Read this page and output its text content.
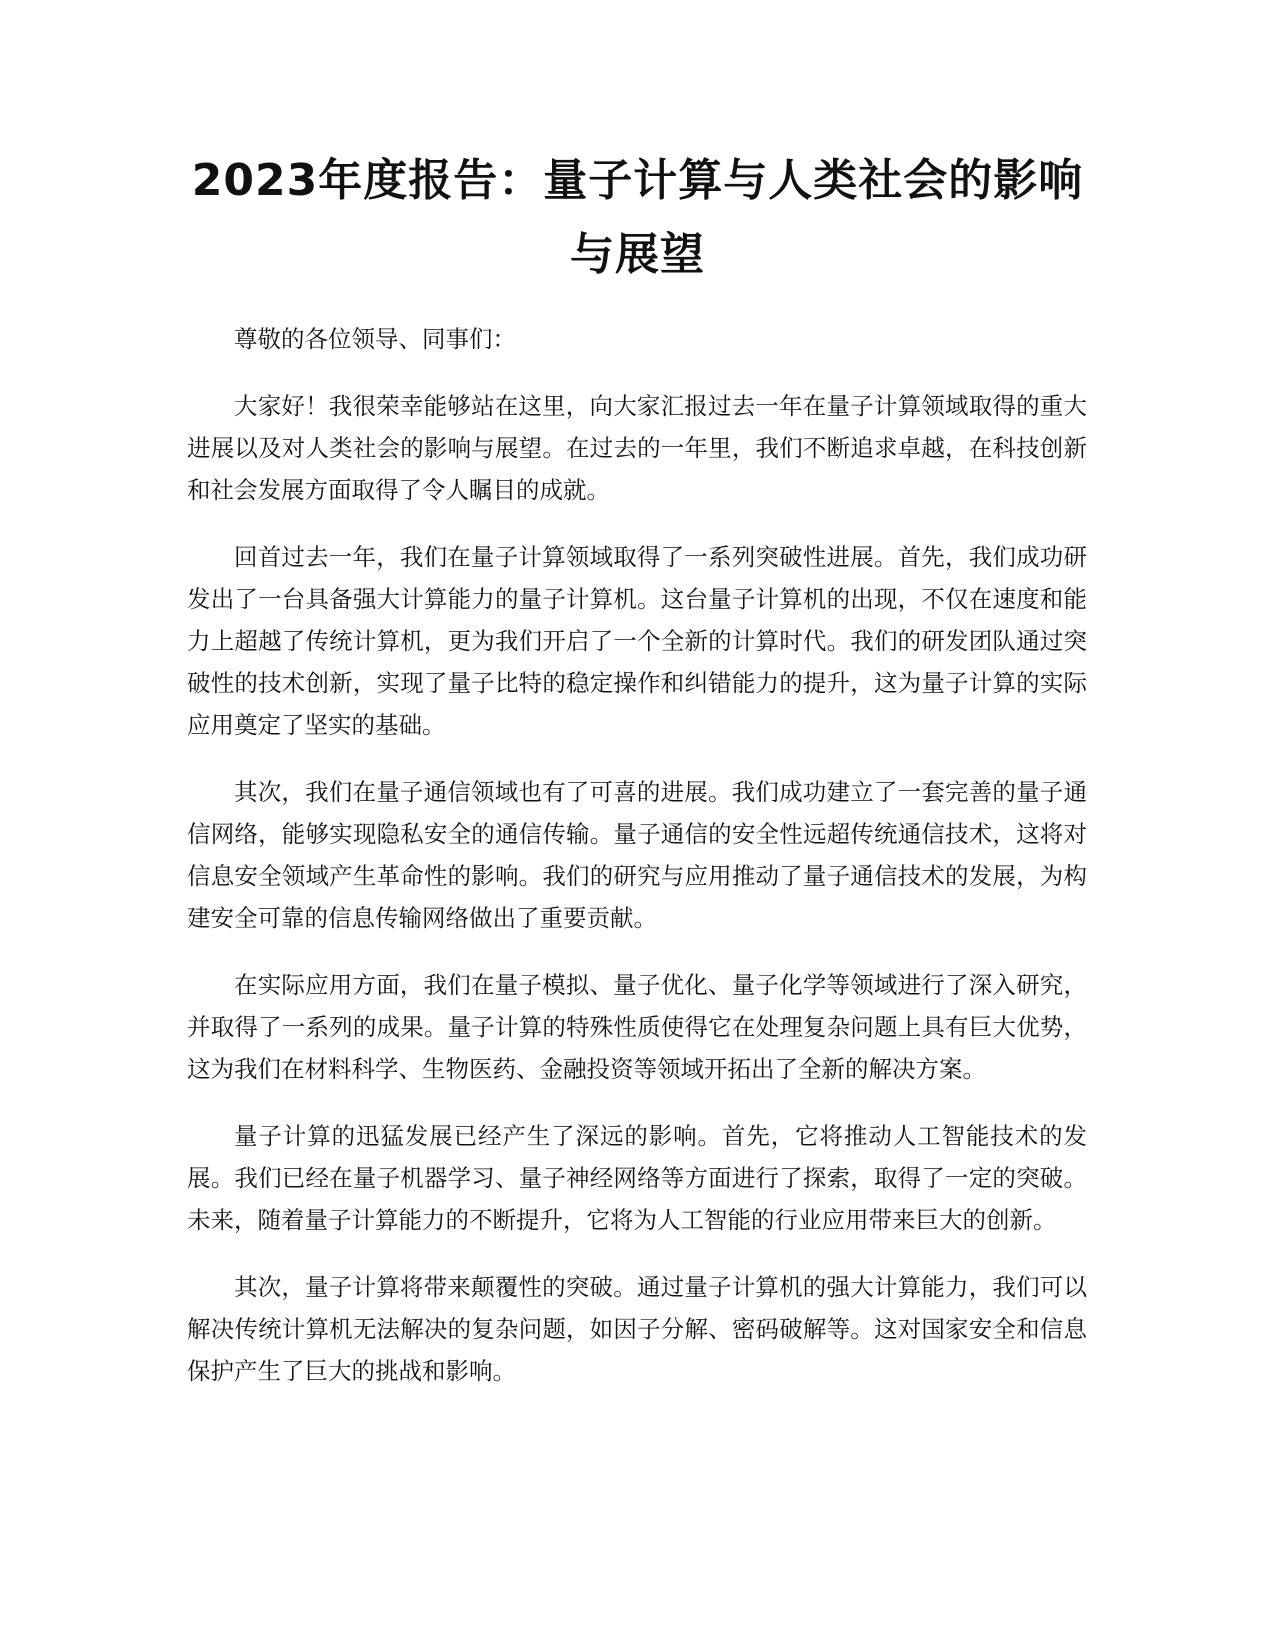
2023年度报告：量子计算与人类社会的影响
与展望

尊敬的各位领导、同事们：

大家好！我很荣幸能够站在这里，向大家汇报过去一年在量子计算领域取得的重大进展以及对人类社会的影响与展望。在过去的一年里，我们不断追求卓越，在科技创新和社会发展方面取得了令人瞩目的成就。

回首过去一年，我们在量子计算领域取得了一系列突破性进展。首先，我们成功研发出了一台具备强大计算能力的量子计算机。这台量子计算机的出现，不仅在速度和能力上超越了传统计算机，更为我们开启了一个全新的计算时代。我们的研发团队通过突破性的技术创新，实现了量子比特的稳定操作和纠错能力的提升，这为量子计算的实际应用奠定了坚实的基础。

其次，我们在量子通信领域也有了可喜的进展。我们成功建立了一套完善的量子通信网络，能够实现隐私安全的通信传输。量子通信的安全性远超传统通信技术，这将对信息安全领域产生革命性的影响。我们的研究与应用推动了量子通信技术的发展，为构建安全可靠的信息传输网络做出了重要贡献。

在实际应用方面，我们在量子模拟、量子优化、量子化学等领域进行了深入研究，并取得了一系列的成果。量子计算的特殊性质使得它在处理复杂问题上具有巨大优势，这为我们在材料科学、生物医药、金融投资等领域开拓出了全新的解决方案。

量子计算的迅猛发展已经产生了深远的影响。首先，它将推动人工智能技术的发展。我们已经在量子机器学习、量子神经网络等方面进行了探索，取得了一定的突破。未来，随着量子计算能力的不断提升，它将为人工智能的行业应用带来巨大的创新。

其次，量子计算将带来颠覆性的突破。通过量子计算机的强大计算能力，我们可以解决传统计算机无法解决的复杂问题，如因子分解、密码破解等。这对国家安全和信息保护产生了巨大的挑战和影响。
